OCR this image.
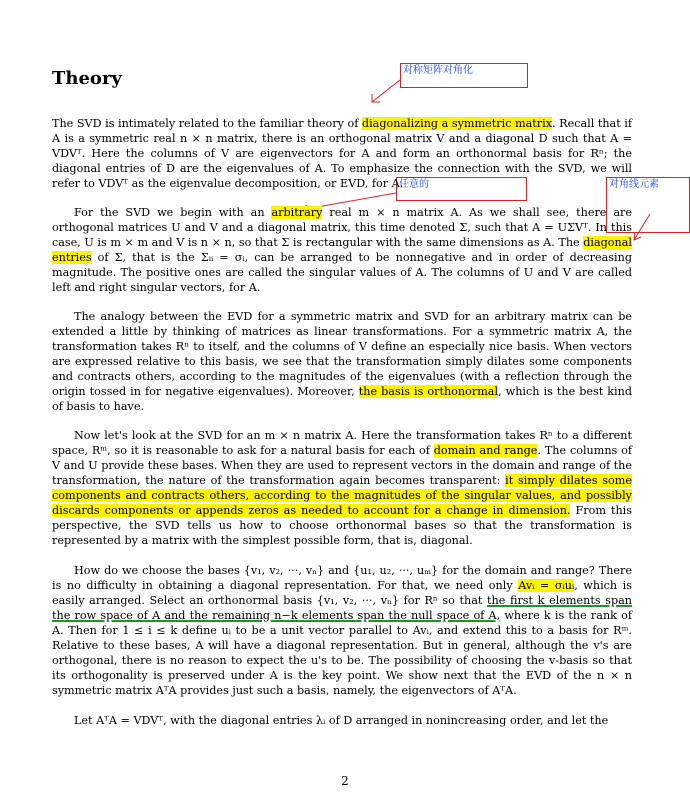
Theory	对称矩阵对角化
任意的	对角线元素

The SVD is intimately related to the familiar theory of diagonalizing a symmetric matrix. Recall that if A is a symmetric real n × n matrix, there is an orthogonal matrix V and a diagonal D such that A = VDVᵀ. Here the columns of V are eigenvectors for A and form an orthonormal basis for Rⁿ; the diagonal entries of D are the eigenvalues of A. To emphasize the connection with the SVD, we will refer to VDVᵀ as the eigenvalue decomposition, or EVD, for A.

For the SVD we begin with an arbitrary real m × n matrix A. As we shall see, there are orthogonal matrices U and V and a diagonal matrix, this time denoted Σ, such that A = UΣVᵀ. In this case, U is m × m and V is n × n, so that Σ is rectangular with the same dimensions as A. The diagonal entries of Σ, that is the Σᵢᵢ = σᵢ, can be arranged to be nonnegative and in order of decreasing magnitude. The positive ones are called the singular values of A. The columns of U and V are called left and right singular vectors, for A.

The analogy between the EVD for a symmetric matrix and SVD for an arbitrary matrix can be extended a little by thinking of matrices as linear transformations. For a symmetric matrix A, the transformation takes Rⁿ to itself, and the columns of V define an especially nice basis. When vectors are expressed relative to this basis, we see that the transformation simply dilates some components and contracts others, according to the magnitudes of the eigenvalues (with a reflection through the origin tossed in for negative eigenvalues). Moreover, the basis is orthonormal, which is the best kind of basis to have.

Now let's look at the SVD for an m × n matrix A. Here the transformation takes Rⁿ to a different space, Rᵐ, so it is reasonable to ask for a natural basis for each of domain and range. The columns of V and U provide these bases. When they are used to represent vectors in the domain and range of the transformation, the nature of the transformation again becomes transparent: it simply dilates some components and contracts others, according to the magnitudes of the singular values, and possibly discards components or appends zeros as needed to account for a change in dimension. From this perspective, the SVD tells us how to choose orthonormal bases so that the transformation is represented by a matrix with the simplest possible form, that is, diagonal.

How do we choose the bases {v₁, v₂, ···, vₙ} and {u₁, u₂, ···, uₘ} for the domain and range? There is no difficulty in obtaining a diagonal representation. For that, we need only Avᵢ = σᵢuᵢ, which is easily arranged. Select an orthonormal basis {v₁, v₂, ···, vₙ} for Rⁿ so that the first k elements span the row space of A and the remaining n−k elements span the null space of A, where k is the rank of A. Then for 1 ≤ i ≤ k define uᵢ to be a unit vector parallel to Avᵢ, and extend this to a basis for Rᵐ. Relative to these bases, A will have a diagonal representation. But in general, although the v's are orthogonal, there is no reason to expect the u's to be. The possibility of choosing the v-basis so that its orthogonality is preserved under A is the key point. We show next that the EVD of the n × n symmetric matrix AᵀA provides just such a basis, namely, the eigenvectors of AᵀA.

Let AᵀA = VDVᵀ, with the diagonal entries λᵢ of D arranged in nonincreasing order, and let the

2
